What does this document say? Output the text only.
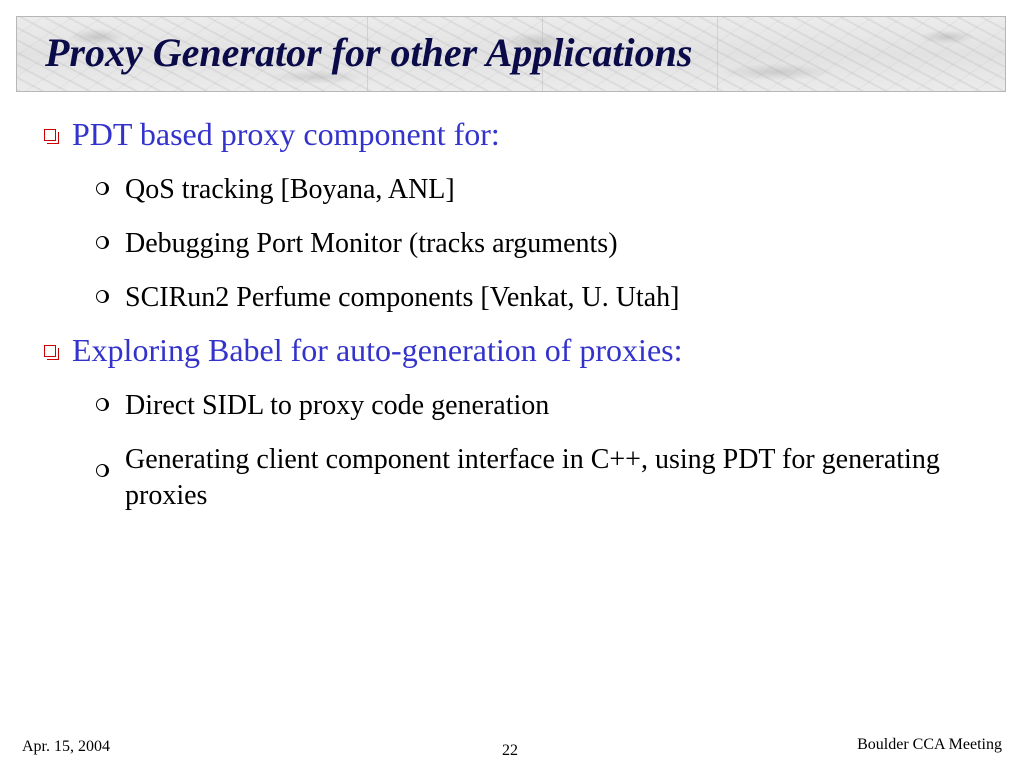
Proxy Generator for other Applications
PDT based proxy component for:
QoS tracking [Boyana, ANL]
Debugging Port Monitor (tracks arguments)
SCIRun2 Perfume components [Venkat, U. Utah]
Exploring Babel for auto-generation of proxies:
Direct SIDL to proxy code generation
Generating client component interface in C++, using PDT for generating proxies
Apr. 15, 2004	22	Boulder CCA Meeting
